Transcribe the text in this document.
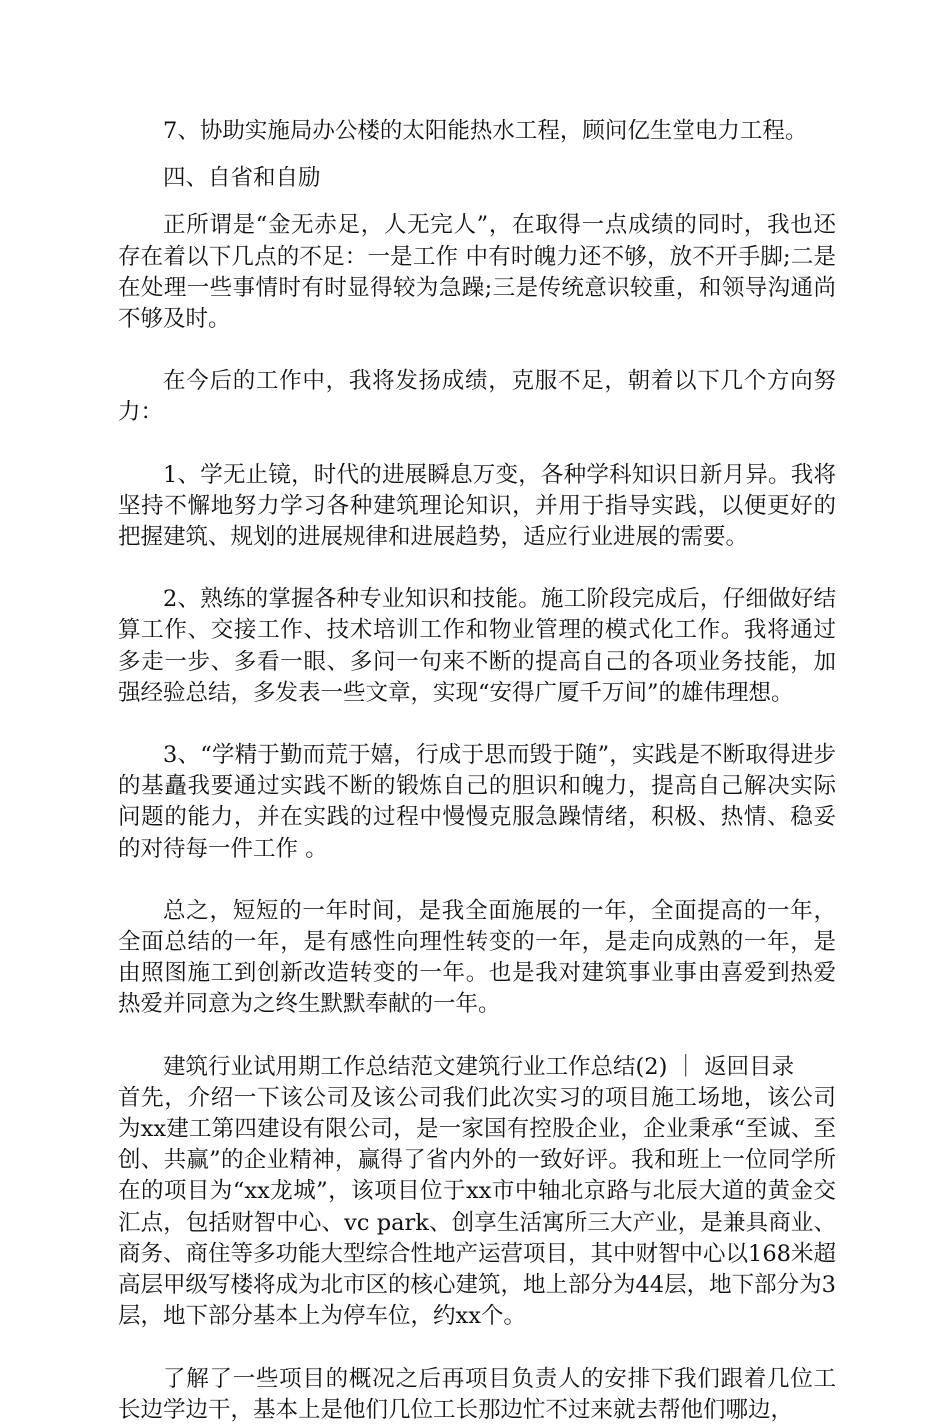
7、协助实施局办公楼的太阳能热水工程，顾问亿生堂电力工程。

四、自省和自励

正所谓是“金无赤足，人无完人”，在取得一点成绩的同时，我也还存在着以下几点的不足：一是工作 中有时魄力还不够，放不开手脚;二是在处理一些事情时有时显得较为急躁;三是传统意识较重，和领导沟通尚不够及时。

在今后的工作中，我将发扬成绩，克服不足，朝着以下几个方向努力：

1、学无止镜，时代的进展瞬息万变，各种学科知识日新月异。我将坚持不懈地努力学习各种建筑理论知识，并用于指导实践，以便更好的把握建筑、规划的进展规律和进展趋势，适应行业进展的需要。

2、熟练的掌握各种专业知识和技能。施工阶段完成后，仔细做好结算工作、交接工作、技术培训工作和物业管理的模式化工作。我将通过多走一步、多看一眼、多问一句来不断的提高自己的各项业务技能，加强经验总结，多发表一些文章，实现“安得广厦千万间”的雄伟理想。

3、“学精于勤而荒于嬉，行成于思而毁于随”，实践是不断取得进步的基矗我要通过实践不断的锻炼自己的胆识和魄力，提高自己解决实际问题的能力，并在实践的过程中慢慢克服急躁情绪，积极、热情、稳妥的对待每一件工作 。

总之，短短的一年时间，是我全面施展的一年，全面提高的一年，全面总结的一年，是有感性向理性转变的一年，是走向成熟的一年，是由照图施工到创新改造转变的一年。也是我对建筑事业事由喜爱到热爱热爱并同意为之终生默默奉献的一年。

建筑行业试用期工作总结范文建筑行业工作总结(2) ｜ 返回目录

首先，介绍一下该公司及该公司我们此次实习的项目施工场地，该公司为xx建工第四建设有限公司，是一家国有控股企业，企业秉承“至诚、至创、共赢”的企业精神，赢得了省内外的一致好评。我和班上一位同学所在的项目为“xx龙城”，该项目位于xx市中轴北京路与北辰大道的黄金交汇点，包括财智中心、vc park、创享生活寓所三大产业，是兼具商业、商务、商住等多功能大型综合性地产运营项目，其中财智中心以168米超高层甲级写楼将成为北市区的核心建筑，地上部分为44层，地下部分为3层，地下部分基本上为停车位，约xx个。

了解了一些项目的概况之后再项目负责人的安排下我们跟着几位工长边学边干，基本上是他们几位工长那边忙不过来就去帮他们哪边，
